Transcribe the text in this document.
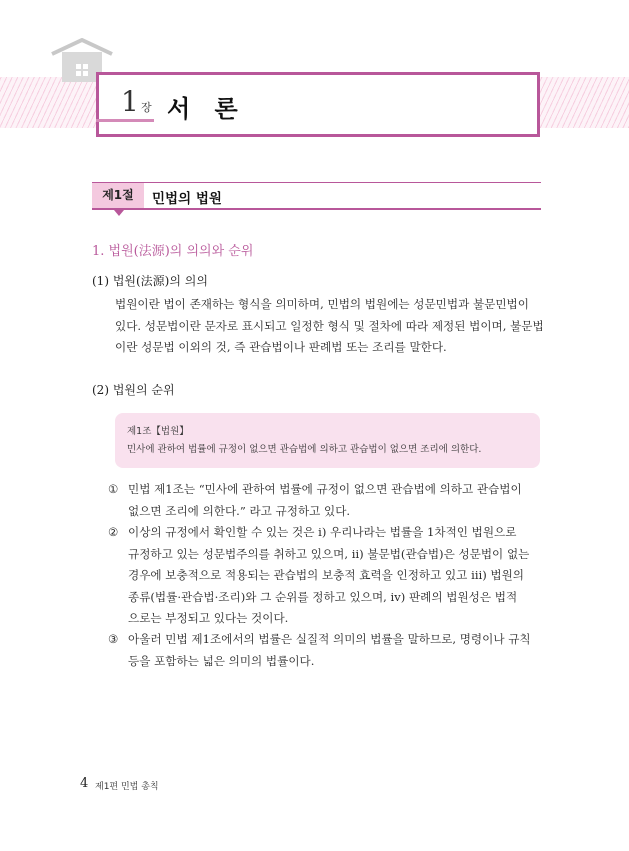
1 장 서 론
제1절	민법의 법원
1. 법원(法源)의 의의와 순위
(1) 법원(法源)의 의의
법원이란 법이 존재하는 형식을 의미하며, 민법의 법원에는 성문민법과 불문민법이
있다. 성문법이란 문자로 표시되고 일정한 형식 및 절차에 따라 제정된 법이며, 불문법
이란 성문법 이외의 것, 즉 관습법이나 판례법 또는 조리를 말한다.
(2) 법원의 순위
제1조【법원】
민사에 관하여 법률에 규정이 없으면 관습법에 의하고 관습법이 없으면 조리에 의한다.
① 민법 제1조는 “민사에 관하여 법률에 규정이 없으면 관습법에 의하고 관습법이
없으면 조리에 의한다.” 라고 규정하고 있다.
② 이상의 규정에서 확인할 수 있는 것은 ⅰ) 우리나라는 법률을 1차적인 법원으로
규정하고 있는 성문법주의를 취하고 있으며, ⅱ) 불문법(관습법)은 성문법이 없는
경우에 보충적으로 적용되는 관습법의 보충적 효력을 인정하고 있고 ⅲ) 법원의
종류(법률·관습법·조리)와 그 순위를 정하고 있으며, ⅳ) 판례의 법원성은 법적
으로는 부정되고 있다는 것이다.
③ 아울러 민법 제1조에서의 법률은 실질적 의미의 법률을 말하므로, 명령이나 규칙
등을 포함하는 넓은 의미의 법률이다.
4 제1편 민법 총칙
